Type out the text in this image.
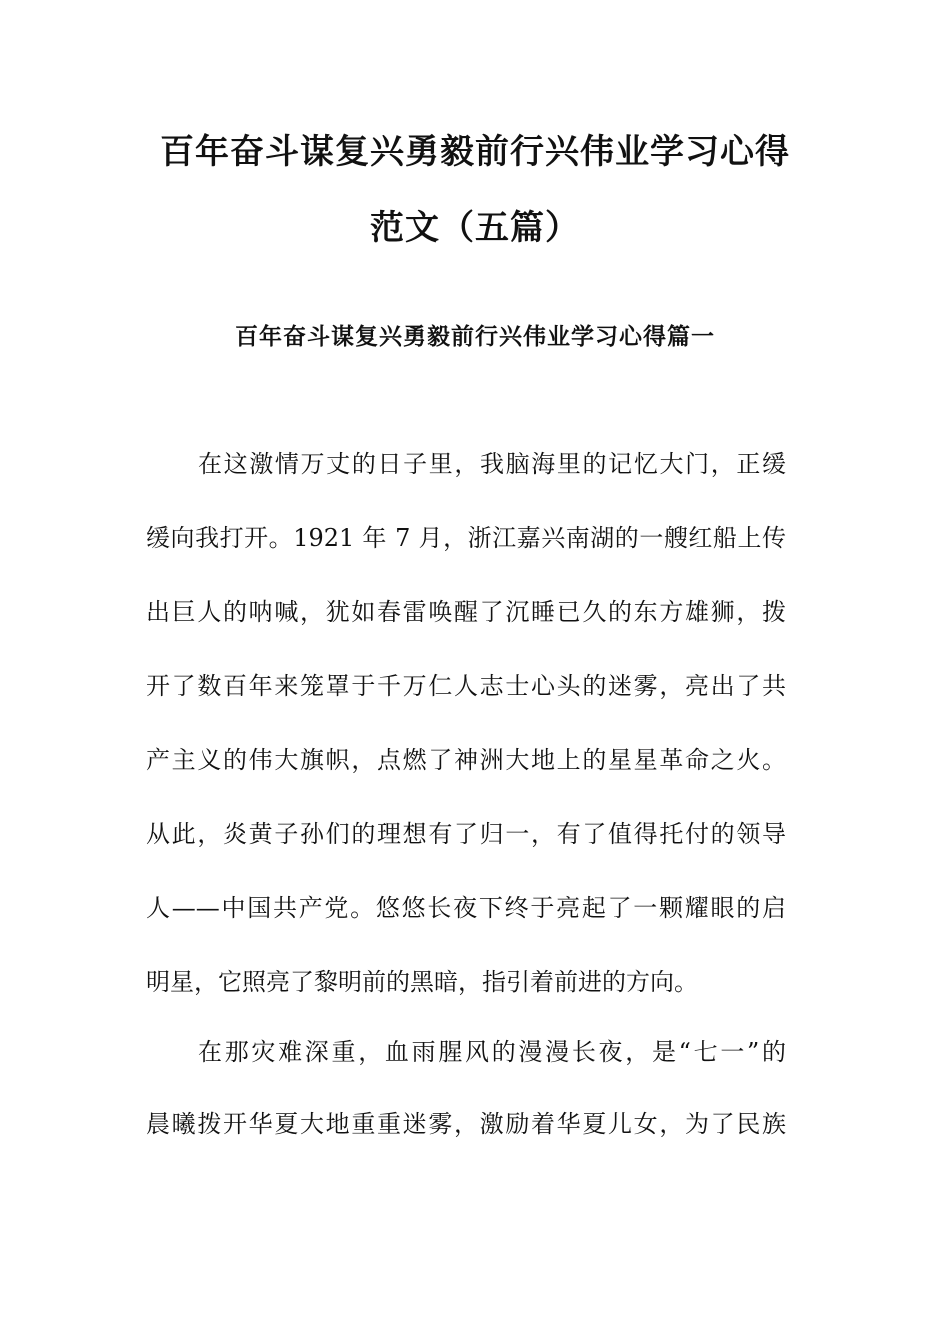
百年奋斗谋复兴勇毅前行兴伟业学习心得
范文（五篇）
百年奋斗谋复兴勇毅前行兴伟业学习心得篇一
在这激情万丈的日子里，我脑海里的记忆大门，正缓
缓向我打开。1921 年 7 月，浙江嘉兴南湖的一艘红船上传
出巨人的呐喊，犹如春雷唤醒了沉睡已久的东方雄狮，拨
开了数百年来笼罩于千万仁人志士心头的迷雾，亮出了共
产主义的伟大旗帜，点燃了神洲大地上的星星革命之火。
从此，炎黄子孙们的理想有了归一，有了值得托付的领导
人——中国共产党。悠悠长夜下终于亮起了一颗耀眼的启
明星，它照亮了黎明前的黑暗，指引着前进的方向。
在那灾难深重，血雨腥风的漫漫长夜，是“七一”的
晨曦拨开华夏大地重重迷雾，激励着华夏儿女，为了民族
